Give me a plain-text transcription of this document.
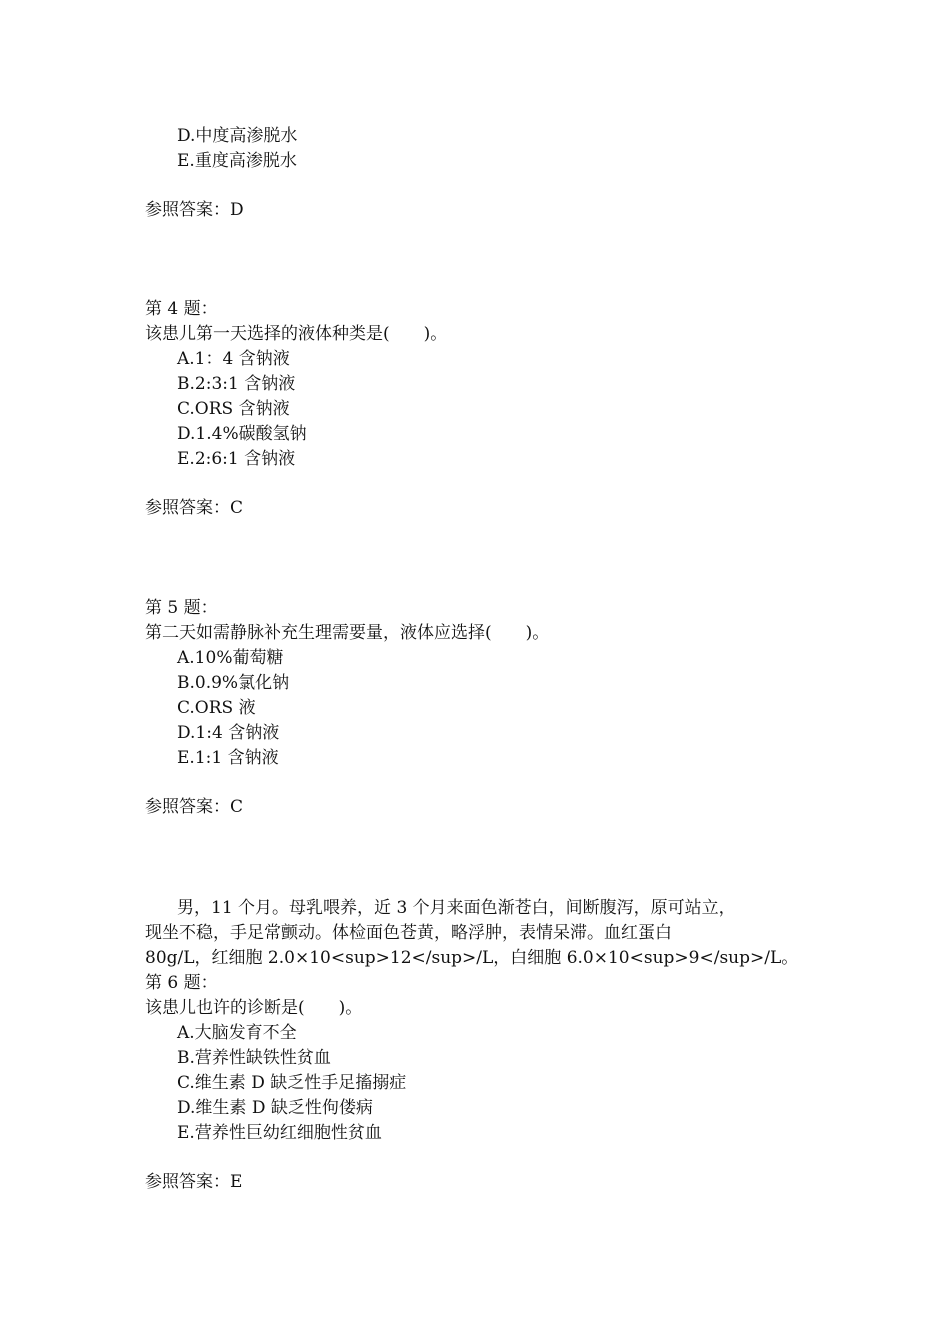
D.中度高渗脱水
E.重度高渗脱水
参照答案：D
第 4 题：
该患儿第一天选择的液体种类是(　　)。
A.1：4 含钠液
B.2:3:1 含钠液
C.ORS 含钠液
D.1.4%碳酸氢钠
E.2:6:1 含钠液
参照答案：C
第 5 题：
第二天如需静脉补充生理需要量，液体应选择(　　)。
A.10%葡萄糖
B.0.9%氯化钠
C.ORS 液
D.1:4 含钠液
E.1:1 含钠液
参照答案：C
男，11 个月。母乳喂养，近 3 个月来面色渐苍白，间断腹泻，原可站立，
现坐不稳，手足常颤动。体检面色苍黄，略浮肿，表情呆滞。血红蛋白
80g/L，红细胞 2.0×10<sup>12</sup>/L，白细胞 6.0×10<sup>9</sup>/L。
第 6 题：
该患儿也许的诊断是(　　)。
A.大脑发育不全
B.营养性缺铁性贫血
C.维生素 D 缺乏性手足搐搦症
D.维生素 D 缺乏性佝偻病
E.营养性巨幼红细胞性贫血
参照答案：E
